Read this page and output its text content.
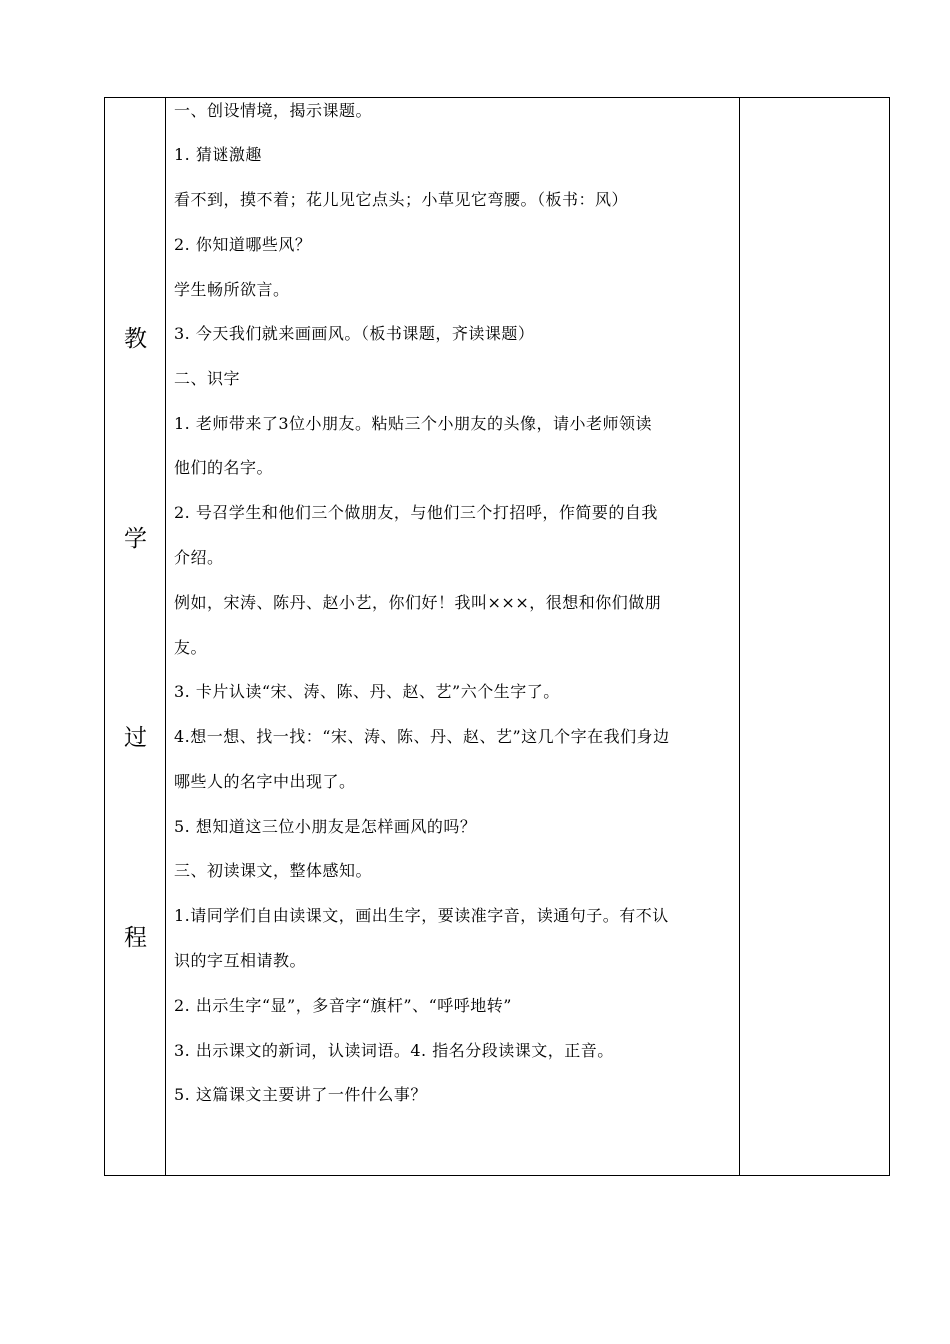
教
学
过
程
一、创设情境，揭示课题。
1. 猜谜激趣
看不到，摸不着；花儿见它点头；小草见它弯腰。（板书：风）
2. 你知道哪些风？
学生畅所欲言。
3. 今天我们就来画画风。（板书课题，齐读课题）
二、识字
1. 老师带来了3位小朋友。粘贴三个小朋友的头像，请小老师领读
他们的名字。
2. 号召学生和他们三个做朋友，与他们三个打招呼，作简要的自我
介绍。
例如，宋涛、陈丹、赵小艺，你们好！我叫×××，很想和你们做朋
友。
3. 卡片认读“宋、涛、陈、丹、赵、艺”六个生字了。
4.想一想、找一找：“宋、涛、陈、丹、赵、艺”这几个字在我们身边
哪些人的名字中出现了。
5. 想知道这三位小朋友是怎样画风的吗？
三、初读课文，整体感知。
1.请同学们自由读课文，画出生字，要读准字音，读通句子。有不认
识的字互相请教。
2. 出示生字“显”，多音字“旗杆”、“呼呼地转”
3. 出示课文的新词，认读词语。4. 指名分段读课文，正音。
5. 这篇课文主要讲了一件什么事？
